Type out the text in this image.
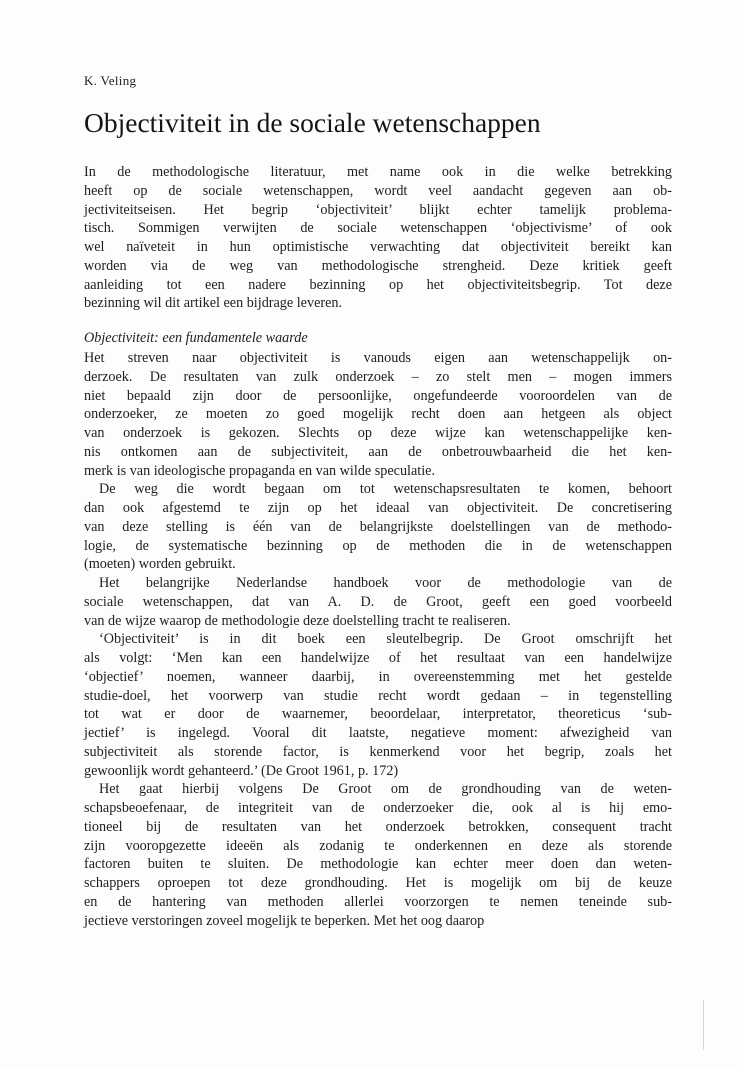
K. Veling
Objectiviteit in de sociale wetenschappen
In de methodologische literatuur, met name ook in die welke betrekking
heeft op de sociale wetenschappen, wordt veel aandacht gegeven aan ob-
jectiviteitseisen. Het begrip ‘objectiviteit’ blijkt echter tamelijk problema-
tisch. Sommigen verwijten de sociale wetenschappen ‘objectivisme’ of ook
wel naïveteit in hun optimistische verwachting dat objectiviteit bereikt kan
worden via de weg van methodologische strengheid. Deze kritiek geeft
aanleiding tot een nadere bezinning op het objectiviteitsbegrip. Tot deze
bezinning wil dit artikel een bijdrage leveren.
Objectiviteit: een fundamentele waarde
Het streven naar objectiviteit is vanouds eigen aan wetenschappelijk on-
derzoek. De resultaten van zulk onderzoek – zo stelt men – mogen immers
niet bepaald zijn door de persoonlijke, ongefundeerde vooroordelen van de
onderzoeker, ze moeten zo goed mogelijk recht doen aan hetgeen als object
van onderzoek is gekozen. Slechts op deze wijze kan wetenschappelijke ken-
nis ontkomen aan de subjectiviteit, aan de onbetrouwbaarheid die het ken-
merk is van ideologische propaganda en van wilde speculatie.
De weg die wordt begaan om tot wetenschapsresultaten te komen, behoort
dan ook afgestemd te zijn op het ideaal van objectiviteit. De concretisering
van deze stelling is één van de belangrijkste doelstellingen van de methodo-
logie, de systematische bezinning op de methoden die in de wetenschappen
(moeten) worden gebruikt.
Het belangrijke Nederlandse handboek voor de methodologie van de
sociale wetenschappen, dat van A. D. de Groot, geeft een goed voorbeeld
van de wijze waarop de methodologie deze doelstelling tracht te realiseren.
‘Objectiviteit’ is in dit boek een sleutelbegrip. De Groot omschrijft het
als volgt: ‘Men kan een handelwijze of het resultaat van een handelwijze
‘objectief’ noemen, wanneer daarbij, in overeenstemming met het gestelde
studie-doel, het voorwerp van studie recht wordt gedaan – in tegenstelling
tot wat er door de waarnemer, beoordelaar, interpretator, theoreticus ‘sub-
jectief’ is ingelegd. Vooral dit laatste, negatieve moment: afwezigheid van
subjectiviteit als storende factor, is kenmerkend voor het begrip, zoals het
gewoonlijk wordt gehanteerd.’ (De Groot 1961, p. 172)
Het gaat hierbij volgens De Groot om de grondhouding van de weten-
schapsbeoefenaar, de integriteit van de onderzoeker die, ook al is hij emo-
tioneel bij de resultaten van het onderzoek betrokken, consequent tracht
zijn vooropgezette ideeën als zodanig te onderkennen en deze als storende
factoren buiten te sluiten. De methodologie kan echter meer doen dan weten-
schappers oproepen tot deze grondhouding. Het is mogelijk om bij de keuze
en de hantering van methoden allerlei voorzorgen te nemen teneinde sub-
jectieve verstoringen zoveel mogelijk te beperken. Met het oog daarop
